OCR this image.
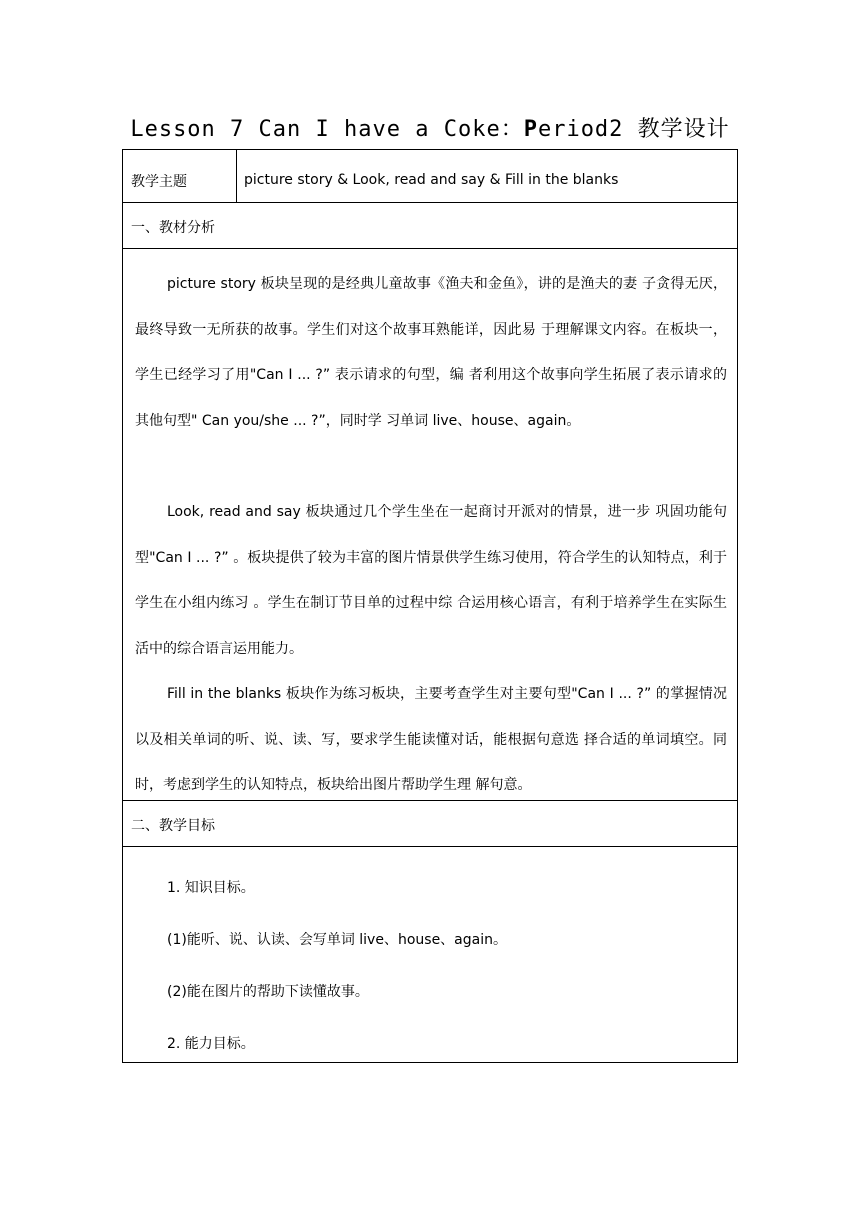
Lesson 7 Can I have a Coke：Period2 教学设计
教学主题	picture story & Look, read and say & Fill in the blanks
一、教材分析
picture story 板块呈现的是经典儿童故事《渔夫和金鱼》，讲的是渔夫的妻 子贪得无厌，最终导致一无所获的故事。学生们对这个故事耳熟能详，因此易 于理解课文内容。在板块一，学生已经学习了用"Can I ... ?” 表示请求的句型，编 者利用这个故事向学生拓展了表示请求的其他句型" Can you/she ... ?”，同时学 习单词 live、house、again。
Look, read and say 板块通过几个学生坐在一起商讨开派对的情景，进一步 巩固功能句型"Can I ... ?” 。板块提供了较为丰富的图片情景供学生练习使用，符合学生的认知特点，利于学生在小组内练习 。学生在制订节目单的过程中综 合运用核心语言，有利于培养学生在实际生活中的综合语言运用能力。
Fill in the blanks 板块作为练习板块，主要考查学生对主要句型"Can I ... ?” 的掌握情况以及相关单词的听、说、读、写，要求学生能读懂对话，能根据句意选 择合适的单词填空。同时，考虑到学生的认知特点，板块给出图片帮助学生理 解句意。
二、教学目标
1. 知识目标。
(1)能听、说、认读、会写单词 live、house、again。
(2)能在图片的帮助下读懂故事。
2. 能力目标。
